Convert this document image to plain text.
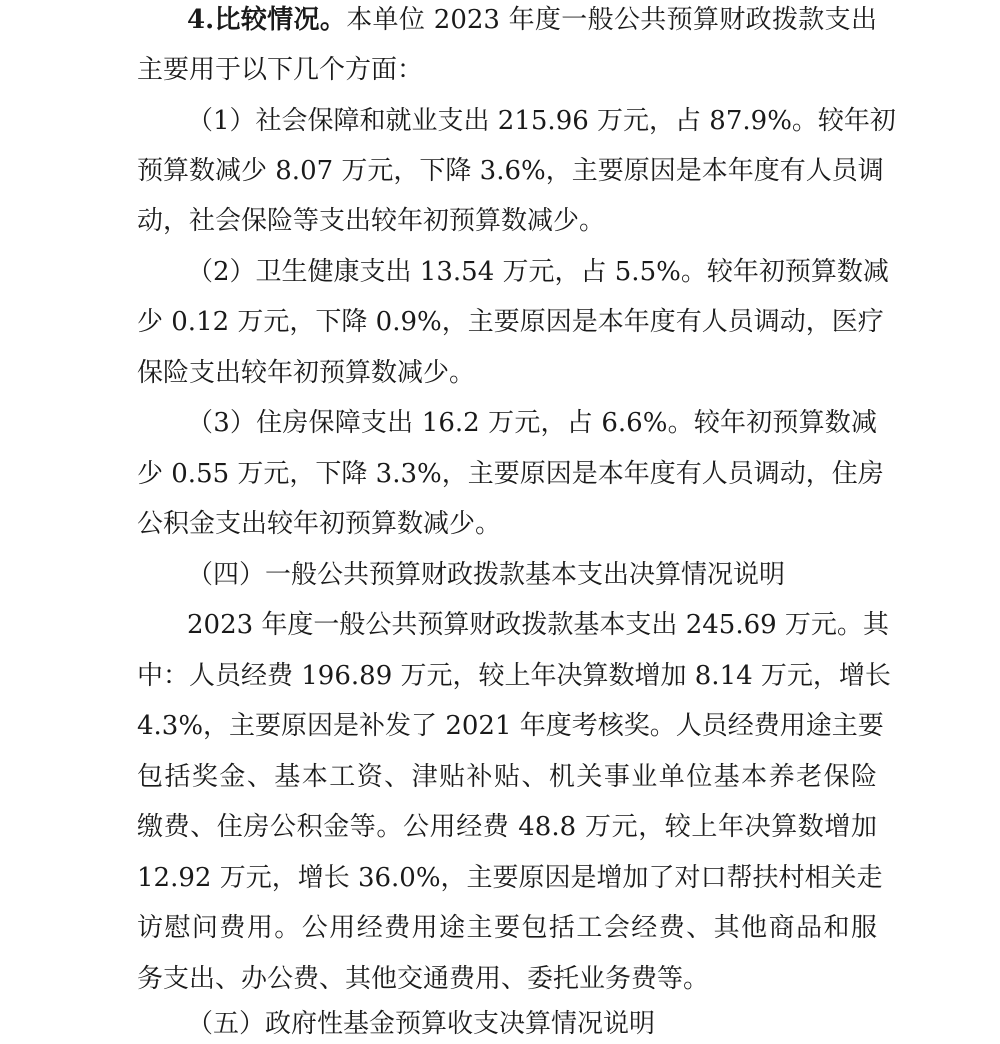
4.比较情况。本单位 2023 年度一般公共预算财政拨款支出
主要用于以下几个方面：
（1）社会保障和就业支出 215.96 万元，占 87.9%。较年初
预算数减少 8.07 万元，下降 3.6%，主要原因是本年度有人员调
动，社会保险等支出较年初预算数减少。
（2）卫生健康支出 13.54 万元，占 5.5%。较年初预算数减
少 0.12 万元，下降 0.9%，主要原因是本年度有人员调动，医疗
保险支出较年初预算数减少。
（3）住房保障支出 16.2 万元，占 6.6%。较年初预算数减
少 0.55 万元，下降 3.3%，主要原因是本年度有人员调动，住房
公积金支出较年初预算数减少。
（四）一般公共预算财政拨款基本支出决算情况说明
2023 年度一般公共预算财政拨款基本支出 245.69 万元。其
中：人员经费 196.89 万元，较上年决算数增加 8.14 万元，增长
4.3%，主要原因是补发了 2021 年度考核奖。人员经费用途主要
包括奖金、基本工资、津贴补贴、机关事业单位基本养老保险
缴费、住房公积金等。公用经费 48.8 万元，较上年决算数增加
12.92 万元，增长 36.0%，主要原因是增加了对口帮扶村相关走
访慰问费用。公用经费用途主要包括工会经费、其他商品和服
务支出、办公费、其他交通费用、委托业务费等。
（五）政府性基金预算收支决算情况说明
